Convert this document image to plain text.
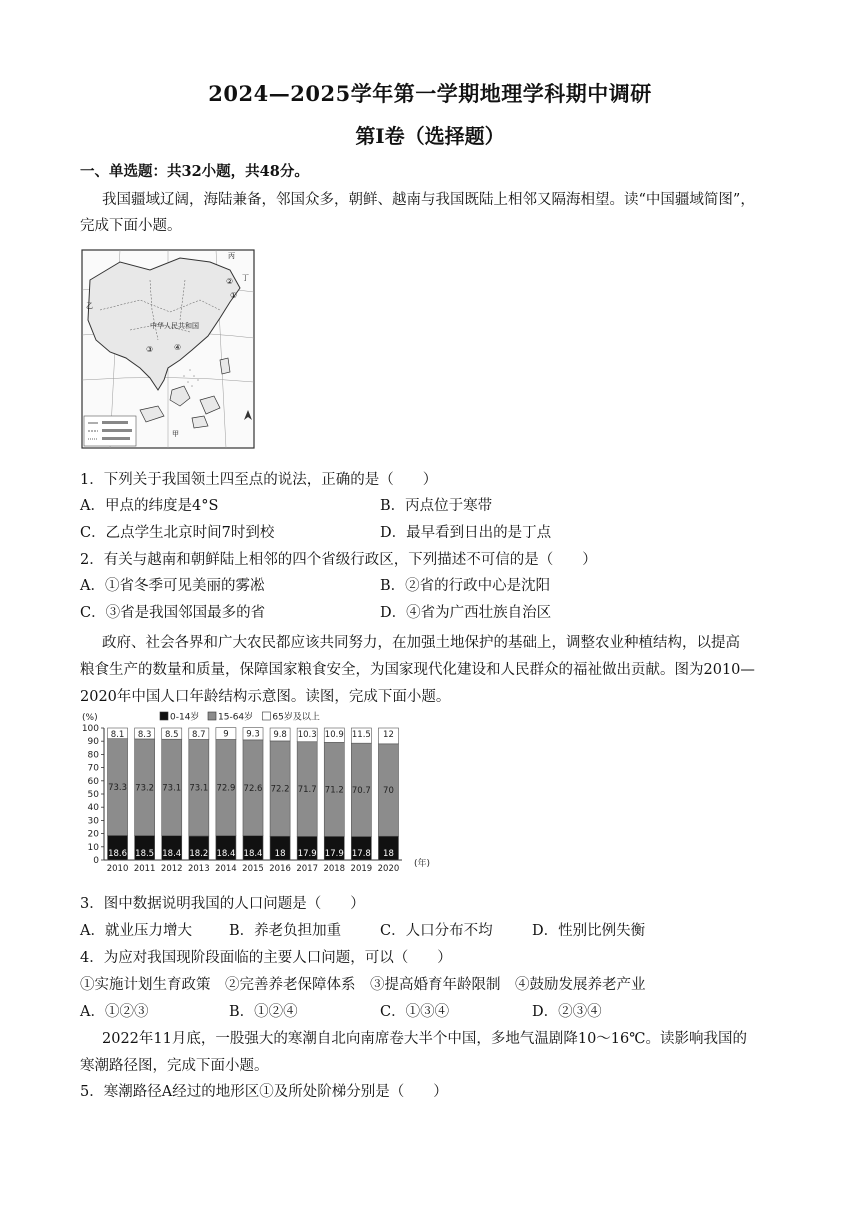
2024—2025学年第一学期地理学科期中调研
第Ⅰ卷（选择题）
一、单选题：共32小题，共48分。
我国疆域辽阔，海陆兼备，邻国众多，朝鲜、越南与我国既陆上相邻又隔海相望。读“中国疆域简图”，
完成下面小题。
中华人民共和国
②
①
④
③
丙
乙
丁
甲
1．下列关于我国领土四至点的说法，正确的是（　　）
A．甲点的纬度是4°S	B．丙点位于寒带
C．乙点学生北京时间7时到校	D．最早看到日出的是丁点
2．有关与越南和朝鲜陆上相邻的四个省级行政区，下列描述不可信的是（　　）
A．①省冬季可见美丽的雾凇	B．②省的行政中心是沈阳
C．③省是我国邻国最多的省	D．④省为广西壮族自治区
政府、社会各界和广大农民都应该共同努力，在加强土地保护的基础上，调整农业种植结构，以提高
粮食生产的数量和质量，保障国家粮食安全，为国家现代化建设和人民群众的福祉做出贡献。图为2010—
2020年中国人口年龄结构示意图。读图，完成下面小题。
0
10
20
30
40
50
60
70
80
90
100
(%)
(年)
0-14岁 15-64岁 65岁及以上
18.6
73.3
8.1
2010
18.5
73.2
8.3
2011
18.4
73.1
8.5
2012
18.2
73.1
8.7
2013
18.4
72.9
9
2014
18.4
72.6
9.3
2015
18
72.2
9.8
2016
17.9
71.7
10.3
2017
17.9
71.2
10.9
2018
17.8
70.7
11.5
2019
18
70
12
2020
3．图中数据说明我国的人口问题是（　　）
A．就业压力增大	B．养老负担加重	C．人口分布不均	D．性别比例失衡
4．为应对我国现阶段面临的主要人口问题，可以（　　）
①实施计划生育政策　②完善养老保障体系　③提高婚育年龄限制　④鼓励发展养老产业
A．①②③	B．①②④	C．①③④	D．②③④
2022年11月底，一股强大的寒潮自北向南席卷大半个中国，多地气温剧降10～16℃。读影响我国的
寒潮路径图，完成下面小题。
5．寒潮路径A经过的地形区①及所处阶梯分别是（　　）
